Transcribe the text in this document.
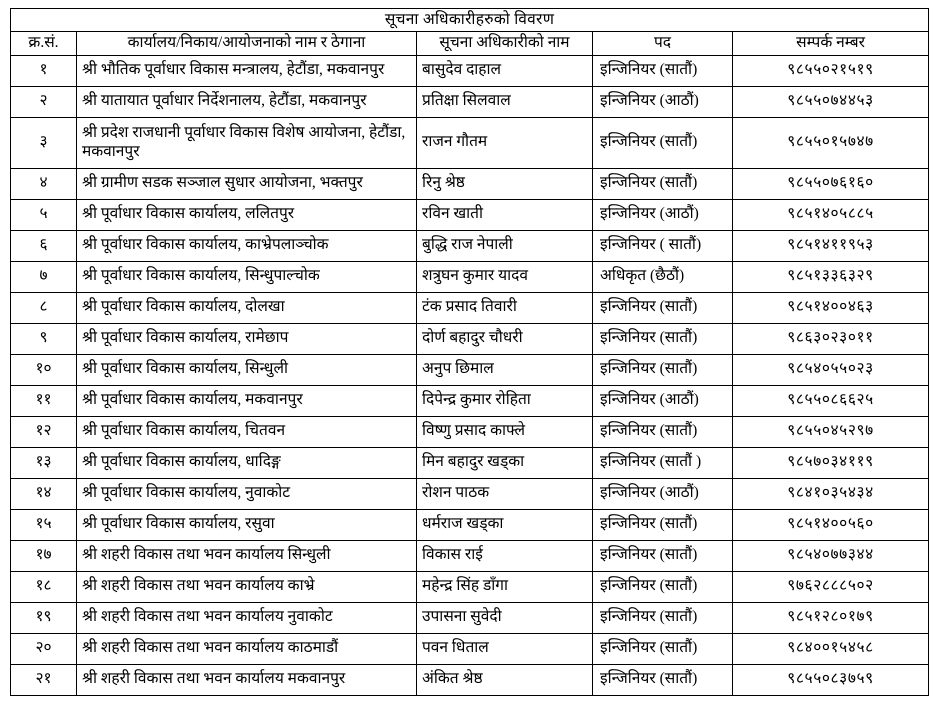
सूचना अधिकारीहरुको विवरण				
क्र.सं.	कार्यालय/निकाय/आयोजनाको नाम र ठेगाना	सूचना अधिकारीको नाम	पद	सम्पर्क नम्बर
१	श्री भौतिक पूर्वाधार विकास मन्त्रालय, हेटौंडा, मकवानपुर	बासुदेव दाहाल	इन्जिनियर (सातौं)	९८५५०२१५१९
२	श्री यातायात पूर्वाधार निर्देशनालय, हेटौंडा, मकवानपुर	प्रतिक्षा सिलवाल	इन्जिनियर (आठौं)	९८५५०७४४५३
३	श्री प्रदेश राजधानी पूर्वाधार विकास विशेष आयोजना, हेटौंडा, मकवानपुर	राजन गौतम	इन्जिनियर (सातौं)	९८५५०१५७४७
४	श्री ग्रामीण सडक सञ्जाल सुधार आयोजना, भक्तपुर	रिनु श्रेष्ठ	इन्जिनियर (सातौं)	९८५५०७६१६०
५	श्री पूर्वाधार विकास कार्यालय, ललितपुर	रविन खाती	इन्जिनियर (आठौं)	९८५१४०५८८५
६	श्री पूर्वाधार विकास कार्यालय, काभ्रेपलाञ्चोक	बुद्धि राज नेपाली	इन्जिनियर ( सातौं)	९८५१४११९५३
७	श्री पूर्वाधार विकास कार्यालय, सिन्धुपाल्चोक	शत्रुघन कुमार यादव	अधिकृत (छैठौं)	९८५१३३६३२९
८	श्री पूर्वाधार विकास कार्यालय, दोलखा	टंक प्रसाद तिवारी	इन्जिनियर (सातौं)	९८५१४००४६३
९	श्री पूर्वाधार विकास कार्यालय, रामेछाप	दोर्ण बहादुर चौधरी	इन्जिनियर (सातौं)	९८६३०२३०११
१०	श्री पूर्वाधार विकास कार्यालय, सिन्धुली	अनुप छिमाल	इन्जिनियर (सातौं)	९८५४०५५०२३
११	श्री पूर्वाधार विकास कार्यालय, मकवानपुर	दिपेन्द्र कुमार रोहिता	इन्जिनियर (आठौं)	९८५५०८६६२५
१२	श्री पूर्वाधार विकास कार्यालय, चितवन	विष्णु प्रसाद काफ्ले	इन्जिनियर (सातौं)	९८५५०४५२९७
१३	श्री पूर्वाधार विकास कार्यालय, धादिङ्ग	मिन बहादुर खड्का	इन्जिनियर (सातौं )	९८५७०३४११९
१४	श्री पूर्वाधार विकास कार्यालय, नुवाकोट	रोशन पाठक	इन्जिनियर (आठौं)	९८४१०३५४३४
१५	श्री पूर्वाधार विकास कार्यालय, रसुवा	धर्मराज खड्का	इन्जिनियर (सातौं)	९८५१४००५६०
१७	श्री शहरी विकास तथा भवन कार्यालय सिन्धुली	विकास राई	इन्जिनियर (सातौं)	९८५४०७७३४४
१८	श्री शहरी विकास तथा भवन कार्यालय काभ्रे	महेन्द्र सिंह डाँगा	इन्जिनियर (सातौं)	९७६२८८८५०२
१९	श्री शहरी विकास तथा भवन कार्यालय नुवाकोट	उपासना सुवेदी	इन्जिनियर (सातौं)	९८५१२८०१७९
२०	श्री शहरी विकास तथा भवन कार्यालय काठमाडौं	पवन धिताल	इन्जिनियर (सातौं)	९८४००१५४५८
२१	श्री शहरी विकास तथा भवन कार्यालय मकवानपुर	अंकित श्रेष्ठ	इन्जिनियर (सातौं)	९८५५०८३७५९
